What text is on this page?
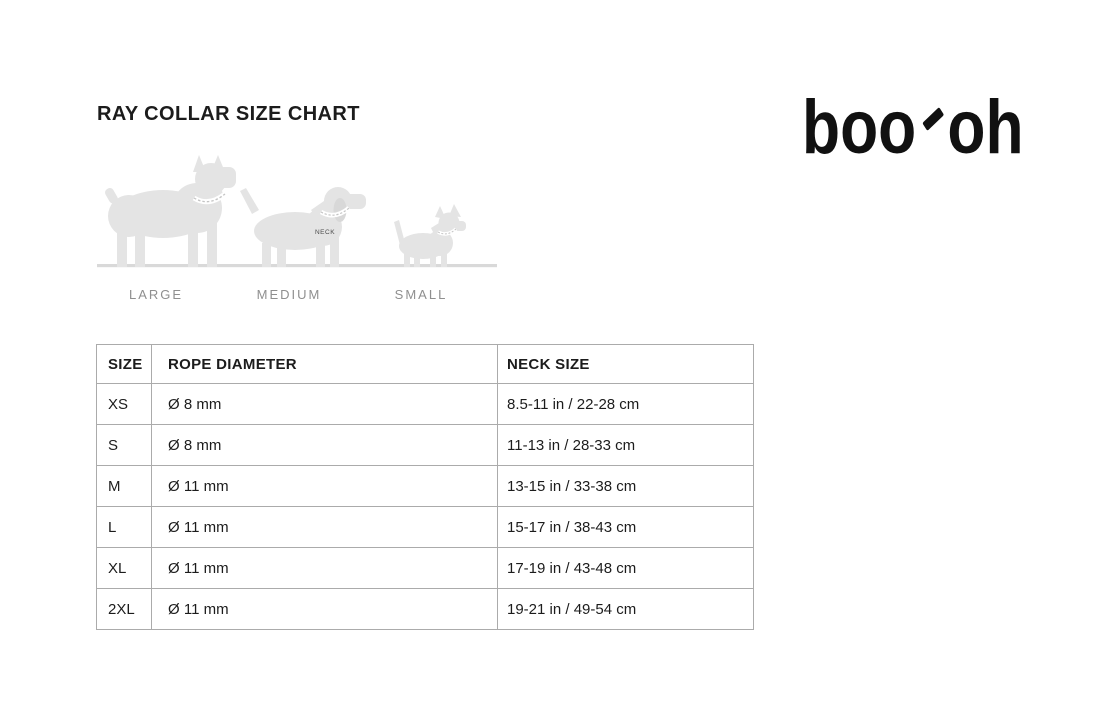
RAY COLLAR SIZE CHART	boo oh
NECK
LARGE	MEDIUM	SMALL
SIZE	ROPE DIAMETER	NECK SIZE
XS	Ø 8 mm	8.5-11 in / 22-28 cm
S	Ø 8 mm	11-13 in / 28-33 cm
M	Ø 11 mm	13-15 in / 33-38 cm
L	Ø 11 mm	15-17 in / 38-43 cm
XL	Ø 11 mm	17-19 in / 43-48 cm
2XL	Ø 11 mm	19-21 in / 49-54 cm
